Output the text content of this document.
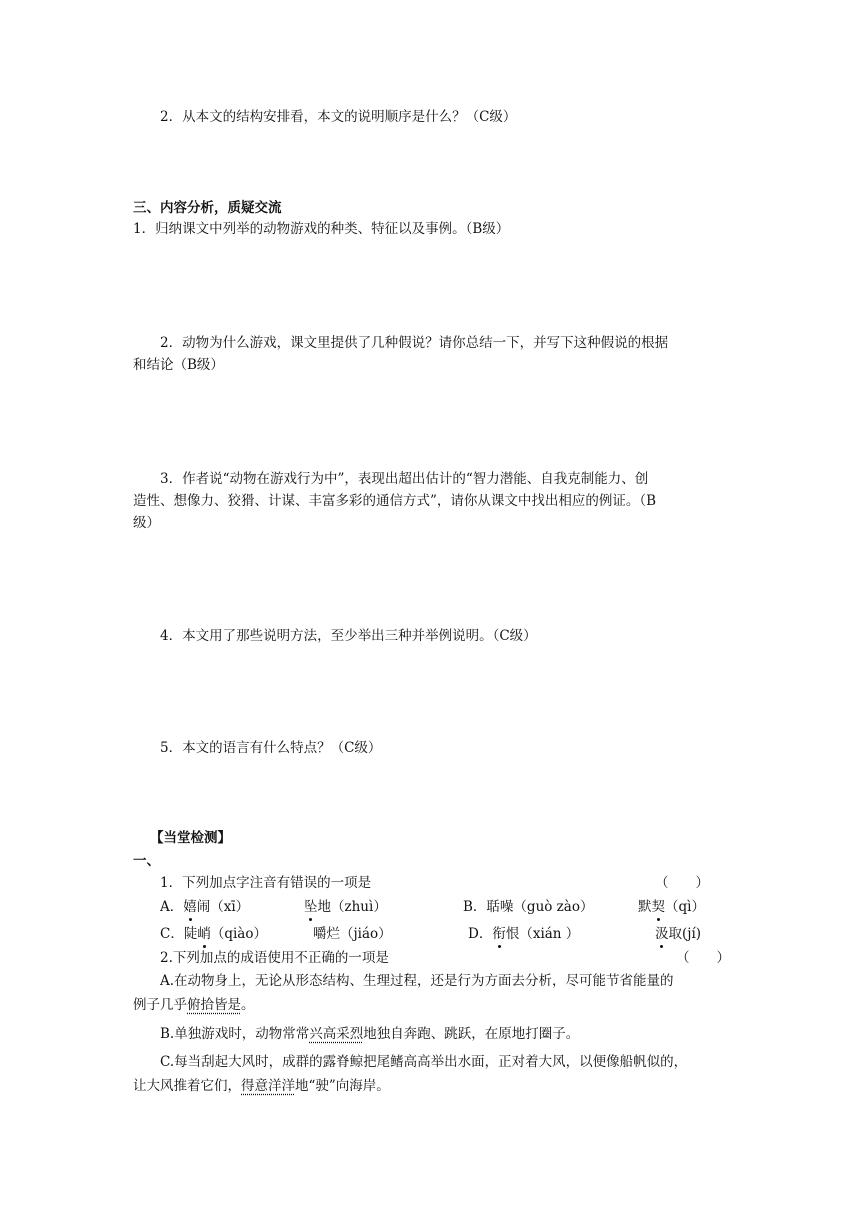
2．从本文的结构安排看，本文的说明顺序是什么？（C级）
三、内容分析，质疑交流
1．归纳课文中列举的动物游戏的种类、特征以及事例。（B级）
2．动物为什么游戏，课文里提供了几种假说？请你总结一下，并写下这种假说的根据
和结论（B级）
3．作者说“动物在游戏行为中”，表现出超出估计的“智力潜能、自我克制能力、创
造性、想像力、狡猾、计谋、丰富多彩的通信方式”，请你从课文中找出相应的例证。（B
级）
4．本文用了那些说明方法，至少举出三种并举例说明。（C级）
5．本文的语言有什么特点？（C级）
【当堂检测】
一、
1．下列加点字注音有错误的一项是	（　　）
A．嬉闹（xī）	坠地（zhuì）	B．聒噪（guò zào）	默契（qì）
C．陡峭（qiào）	嚼烂（jiáo）	D．衔恨（xián ）	汲取(jí)
2.下列加点的成语使用不正确的一项是	（　　）
A.在动物身上，无论从形态结构、生理过程，还是行为方面去分析，尽可能节省能量的
例子几乎俯拾皆是。
B.单独游戏时，动物常常兴高采烈地独自奔跑、跳跃，在原地打圈子。
C.每当刮起大风时，成群的露脊鲸把尾鳍高高举出水面，正对着大风，以便像船帆似的，
让大风推着它们，得意洋洋地“驶”向海岸。
